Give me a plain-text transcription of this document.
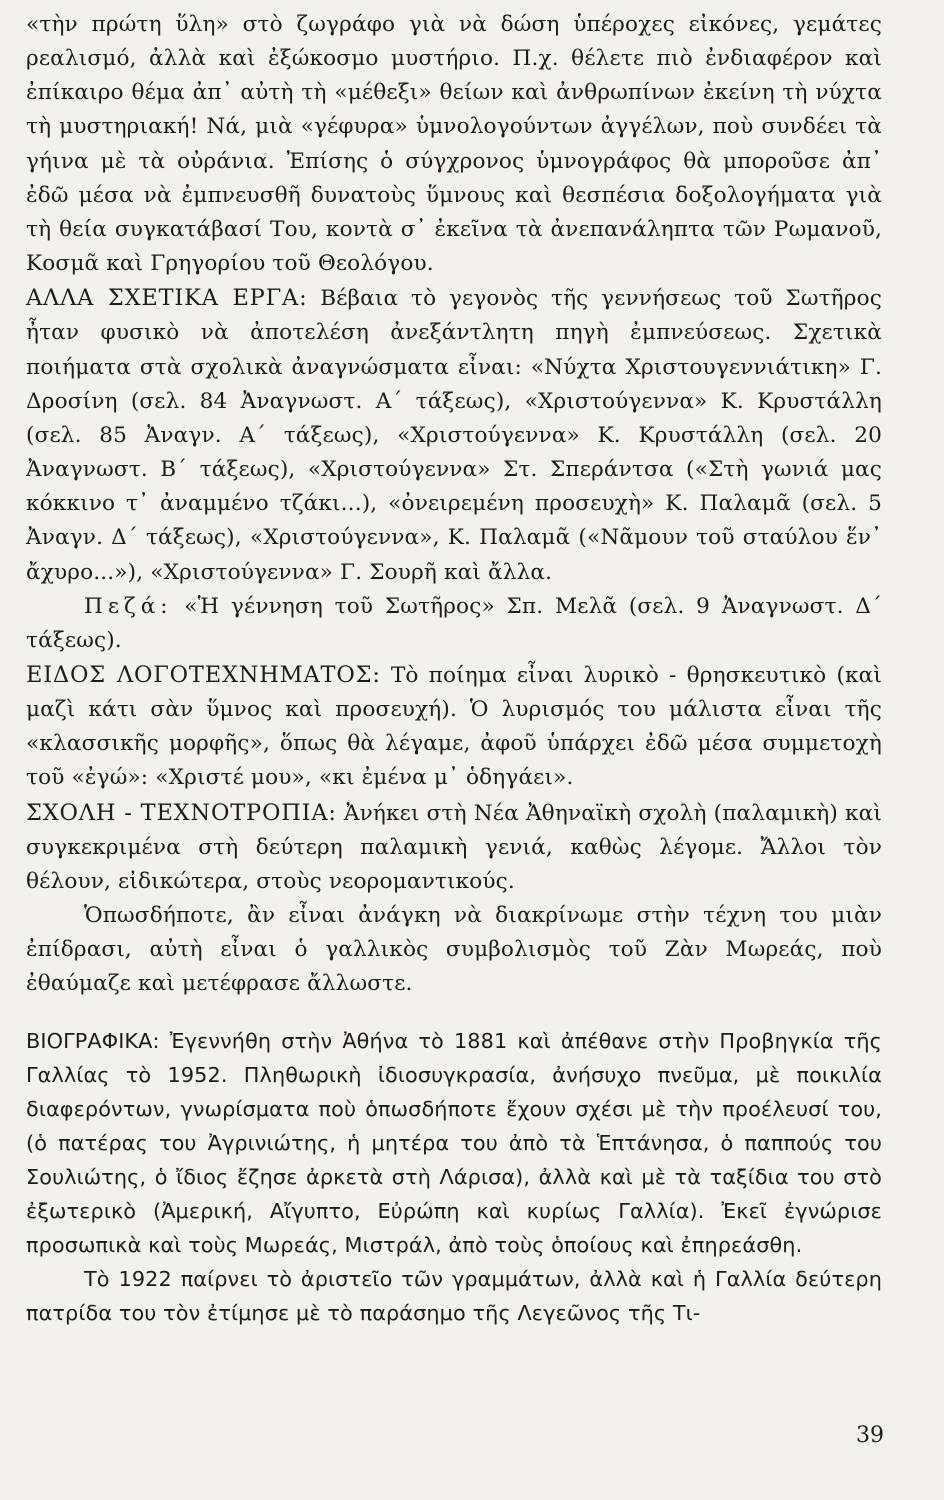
«τὴν πρώτη ὕλη» στὸ ζωγράφο γιὰ νὰ δώση ὑπέροχες εἰκόνες, γεμάτες ρεαλισμό, ἀλλὰ καὶ ἐξώκοσμο μυστήριο. Π.χ. θέλετε πιὸ ἐνδιαφέρον καὶ ἐπίκαιρο θέμα ἀπ᾿ αὐτὴ τὴ «μέθεξι» θείων καὶ ἀνθρωπίνων ἐκείνη τὴ νύχτα τὴ μυστηριακή! Νά, μιὰ «γέφυρα» ὑμνολογούντων ἀγγέλων, ποὺ συνδέει τὰ γήινα μὲ τὰ οὐράνια. Ἐπίσης ὁ σύγχρονος ὑμνογράφος θὰ μποροῦσε ἀπ᾿ ἐδῶ μέσα νὰ ἐμπνευσθῆ δυνατοὺς ὕμνους καὶ θεσπέσια δοξολογήματα γιὰ τὴ θεία συγκατάβασί Του, κοντὰ σ᾿ ἐκεῖνα τὰ ἀνεπανάληπτα τῶν Ρωμανοῦ, Κοσμᾶ καὶ Γρηγορίου τοῦ Θεολόγου.

ΑΛΛΑ ΣΧΕΤΙΚΑ ΕΡΓΑ: Βέβαια τὸ γεγονὸς τῆς γεννήσεως τοῦ Σωτῆρος ἦταν φυσικὸ νὰ ἀποτελέση ἀνεξάντλητη πηγὴ ἐμπνεύσεως. Σχετικὰ ποιήματα στὰ σχολικὰ ἀναγνώσματα εἶναι: «Νύχτα Χριστουγεννιάτικη» Γ. Δροσίνη (σελ. 84 Ἀναγνωστ. Α΄ τάξεως), «Χριστούγεννα» Κ. Κρυστάλλη (σελ. 85 Ἀναγν. Α΄ τάξεως), «Χριστούγεννα» Κ. Κρυστάλλη (σελ. 20 Ἀναγνωστ. Β΄ τάξεως), «Χριστούγεννα» Στ. Σπεράντσα («Στὴ γωνιά μας κόκκινο τ᾿ ἀναμμένο τζάκι...), «ὀνειρεμένη προσευχὴ» Κ. Παλαμᾶ (σελ. 5 Ἀναγν. Δ΄ τάξεως), «Χριστούγεννα», Κ. Παλαμᾶ («Νᾶμουν τοῦ σταύλου ἕν᾿ ἄχυρο...»), «Χριστούγεννα» Γ. Σουρῆ καὶ ἄλλα.

Πεζά: «Ἡ γέννηση τοῦ Σωτῆρος» Σπ. Μελᾶ (σελ. 9 Ἀναγνωστ. Δ΄ τάξεως).

ΕΙΔΟΣ ΛΟΓΟΤΕΧΝΗΜΑΤΟΣ: Τὸ ποίημα εἶναι λυρικὸ - θρησκευτικὸ (καὶ μαζὶ κάτι σὰν ὕμνος καὶ προσευχή). Ὁ λυρισμός του μάλιστα εἶναι τῆς «κλασσικῆς μορφῆς», ὅπως θὰ λέγαμε, ἀφοῦ ὑπάρχει ἐδῶ μέσα συμμετοχὴ τοῦ «ἐγώ»: «Χριστέ μου», «κι ἐμένα μ᾿ ὁδηγάει».

ΣΧΟΛΗ - ΤΕΧΝΟΤΡΟΠΙΑ: Ἀνήκει στὴ Νέα Ἀθηναϊκὴ σχολὴ (παλαμικὴ) καὶ συγκεκριμένα στὴ δεύτερη παλαμικὴ γενιά, καθὼς λέγομε. Ἄλλοι τὸν θέλουν, εἰδικώτερα, στοὺς νεορομαντικούς.

Ὁπωσδήποτε, ἂν εἶναι ἀνάγκη νὰ διακρίνωμε στὴν τέχνη του μιὰν ἐπίδρασι, αὐτὴ εἶναι ὁ γαλλικὸς συμβολισμὸς τοῦ Ζὰν Μωρεάς, ποὺ ἐθαύμαζε καὶ μετέφρασε ἄλλωστε.

ΒΙΟΓΡΑΦΙΚΑ: Ἐγεννήθη στὴν Ἀθήνα τὸ 1881 καὶ ἀπέθανε στὴν Προβηγκία τῆς Γαλλίας τὸ 1952. Πληθωρικὴ ἰδιοσυγκρασία, ἀνήσυχο πνεῦμα, μὲ ποικιλία διαφερόντων, γνωρίσματα ποὺ ὁπωσδήποτε ἔχουν σχέσι μὲ τὴν προέλευσί του, (ὁ πατέρας του Ἀγρινιώτης, ἡ μητέρα του ἀπὸ τὰ Ἑπτάνησα, ὁ παππούς του Σουλιώτης, ὁ ἴδιος ἔζησε ἀρκετὰ στὴ Λάρισα), ἀλλὰ καὶ μὲ τὰ ταξίδια του στὸ ἐξωτερικὸ (Ἀμερική, Αἴγυπτο, Εὐρώπη καὶ κυρίως Γαλλία). Ἐκεῖ ἐγνώρισε προσωπικὰ καὶ τοὺς Μωρεάς, Μιστράλ, ἀπὸ τοὺς ὁποίους καὶ ἐπηρεάσθη.

Τὸ 1922 παίρνει τὸ ἀριστεῖο τῶν γραμμάτων, ἀλλὰ καὶ ἡ Γαλλία δεύτερη πατρίδα του τὸν ἐτίμησε μὲ τὸ παράσημο τῆς Λεγεῶνος τῆς Τι-

39
